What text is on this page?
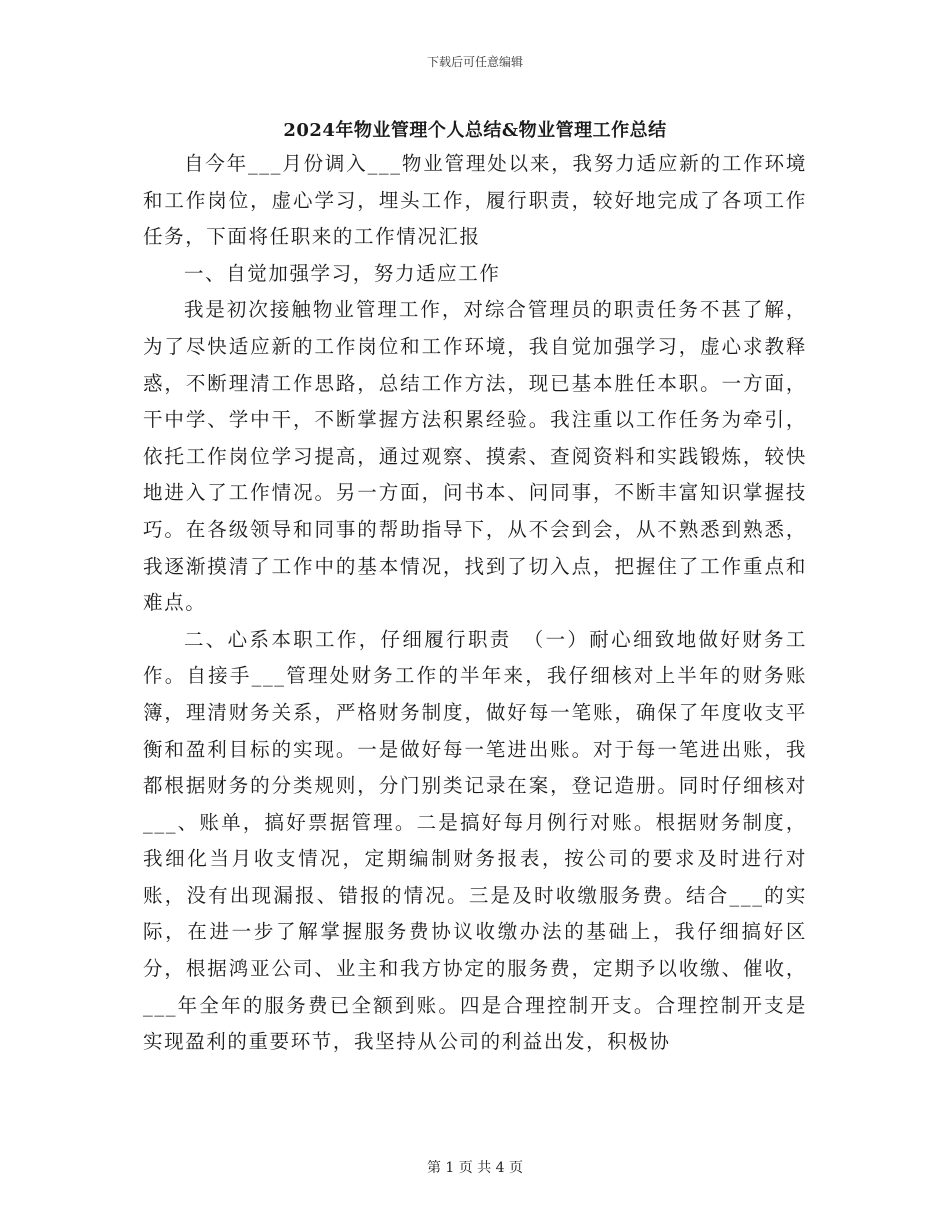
下载后可任意编辑
2024年物业管理个人总结&物业管理工作总结

自今年___月份调入___物业管理处以来，我努力适应新的工作环境和工作岗位，虚心学习，埋头工作，履行职责，较好地完成了各项工作任务，下面将任职来的工作情况汇报

一、自觉加强学习，努力适应工作

我是初次接触物业管理工作，对综合管理员的职责任务不甚了解，为了尽快适应新的工作岗位和工作环境，我自觉加强学习，虚心求教释惑，不断理清工作思路，总结工作方法，现已基本胜任本职。一方面，干中学、学中干，不断掌握方法积累经验。我注重以工作任务为牵引，依托工作岗位学习提高，通过观察、摸索、查阅资料和实践锻炼，较快地进入了工作情况。另一方面，问书本、问同事，不断丰富知识掌握技巧。在各级领导和同事的帮助指导下，从不会到会，从不熟悉到熟悉，我逐渐摸清了工作中的基本情况，找到了切入点，把握住了工作重点和难点。

二、心系本职工作，仔细履行职责　（一）耐心细致地做好财务工作。自接手___管理处财务工作的半年来，我仔细核对上半年的财务账簿，理清财务关系，严格财务制度，做好每一笔账，确保了年度收支平衡和盈利目标的实现。一是做好每一笔进出账。对于每一笔进出账，我都根据财务的分类规则，分门别类记录在案，登记造册。同时仔细核对___、账单，搞好票据管理。二是搞好每月例行对账。根据财务制度，我细化当月收支情况，定期编制财务报表，按公司的要求及时进行对账，没有出现漏报、错报的情况。三是及时收缴服务费。结合___的实际，在进一步了解掌握服务费协议收缴办法的基础上，我仔细搞好区分，根据鸿亚公司、业主和我方协定的服务费，定期予以收缴、催收，___年全年的服务费已全额到账。四是合理控制开支。合理控制开支是实现盈利的重要环节，我坚持从公司的利益出发，积极协

第 1 页 共 4 页
